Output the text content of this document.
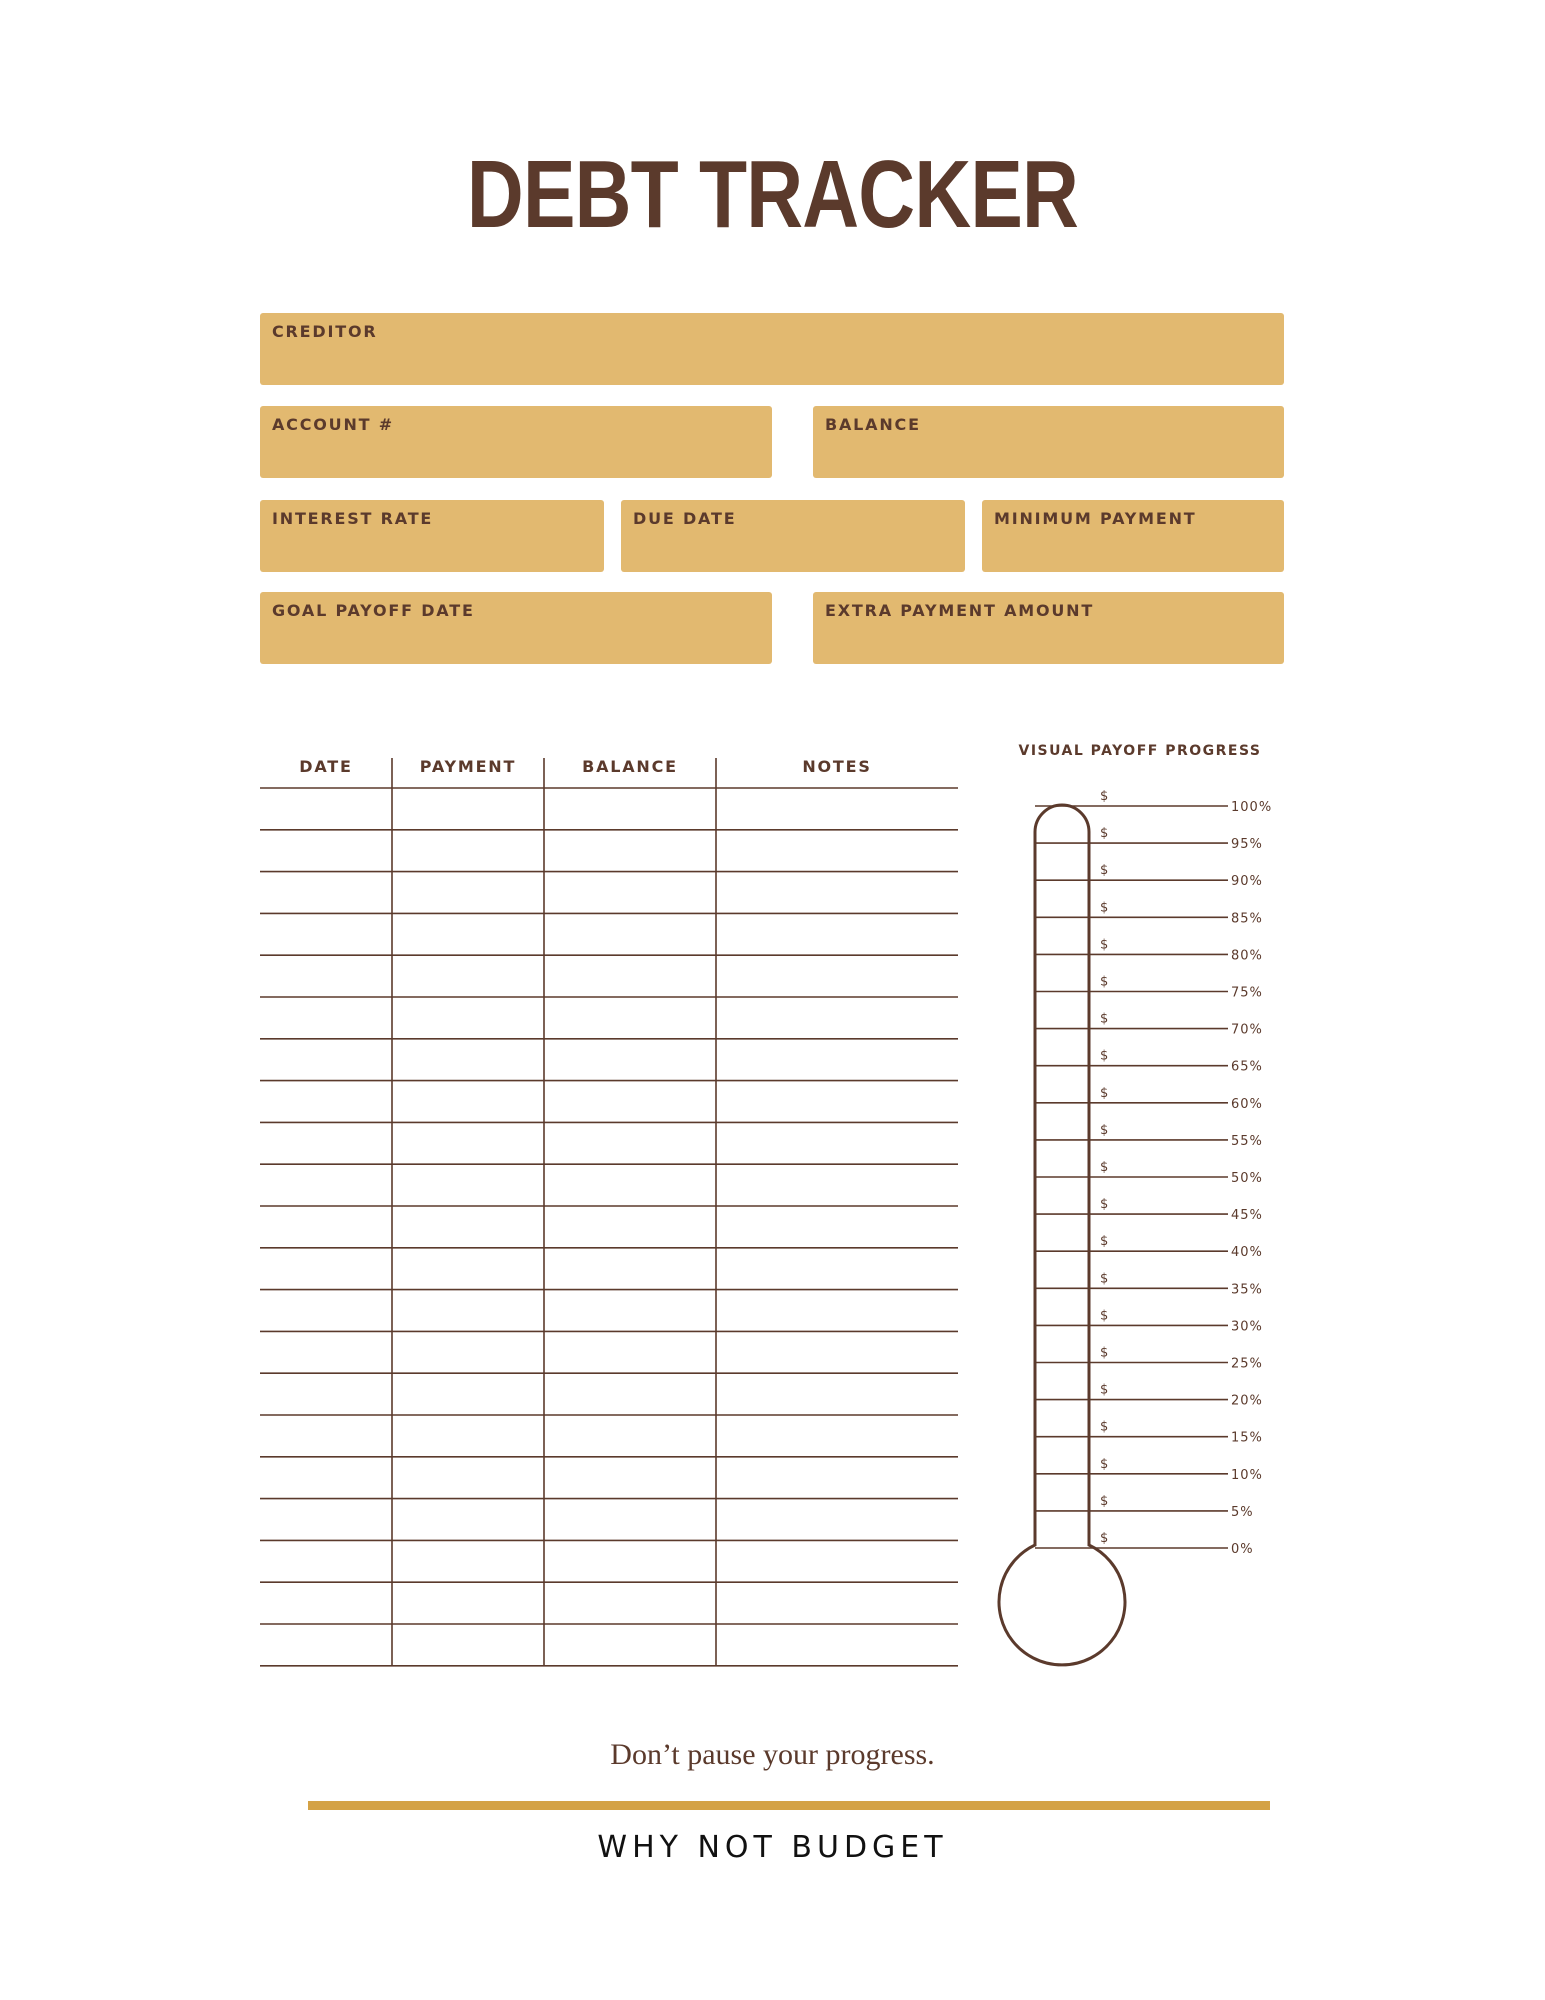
DEBT TRACKER
CREDITOR
ACCOUNT #	BALANCE
INTEREST RATE	DUE DATE	MINIMUM PAYMENT
GOAL PAYOFF DATE	EXTRA PAYMENT AMOUNT
DATE	PAYMENT	BALANCE	NOTES
VISUAL PAYOFF PROGRESS
$
100%
$
95%
$
90%
$
85%
$
80%
$
75%
$
70%
$
65%
$
60%
$
55%
$
50%
$
45%
$
40%
$
35%
$
30%
$
25%
$
20%
$
15%
$
10%
$
5%
$
0%
Don’t pause your progress.
WHY NOT BUDGET
